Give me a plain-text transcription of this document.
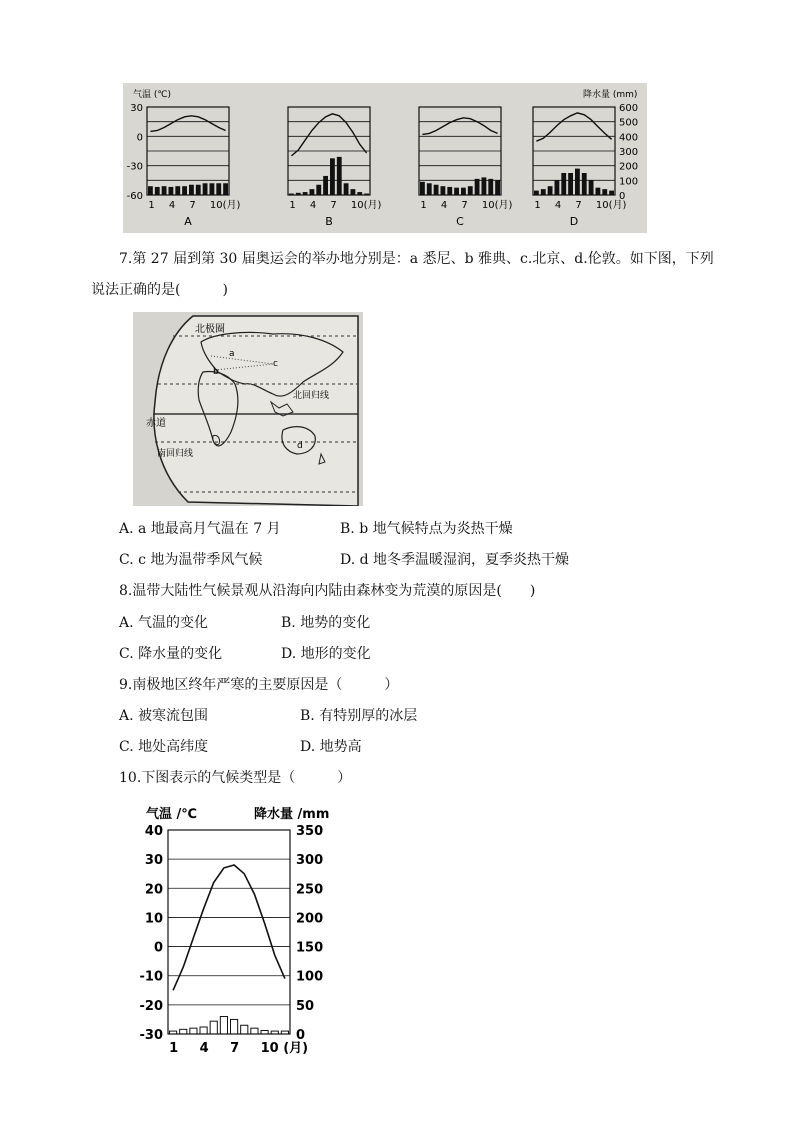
气温 (℃)	降水量 (mm)
30
0
-30
-60
600
500
400
300
200
100
0
1 4 7 10(月)
A
1 4 7 10(月)
B
1 4 7 10(月)
C
1 4 7 10(月)
D
7.第 27 届到第 30 届奥运会的举办地分别是：a 悉尼、b 雅典、c.北京、d.伦敦。如下图，下列
说法正确的是(　　　)
北极圈
北回归线
赤道
南回归线
a
b
c
d
A. a 地最高月气温在 7 月	B. b 地气候特点为炎热干燥
C. c 地为温带季风气候	D. d 地冬季温暖湿润，夏季炎热干燥
8.温带大陆性气候景观从沿海向内陆由森林变为荒漠的原因是(　　)
A. 气温的变化	B. 地势的变化
C. 降水量的变化	D. 地形的变化
9.南极地区终年严寒的主要原因是（　　　）
A. 被寒流包围	B. 有特别厚的冰层
C. 地处高纬度	D. 地势高
10.下图表示的气候类型是（　　　）
气温 /℃	降水量 /mm
40
30
20
10
0
-10
-20
-30
350
300
250
200
150
100
50
0
1 4 7 10 (月)
